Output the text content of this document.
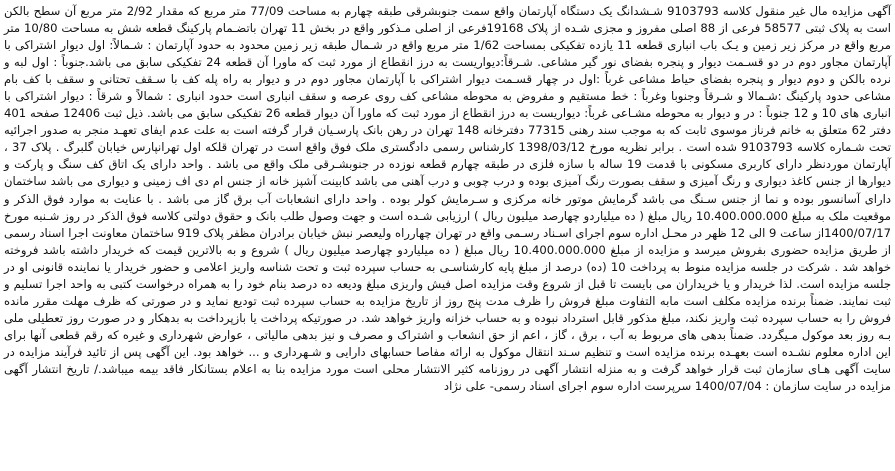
آگهی مزایده مال غیر منقول کلاسه 9103793 شـشدانگ یک دستگاه آپارتمان واقع سمت جنوبشرقی طبقه چهارم به مساحت 77/09 متر مربع که مقدار 2/92 متر مربع آن سطح بالکن است به پلاک ثبتی 58577 فرعی از 88 اصلی مفروز و مجزی شـده از پلاک 19168فرعی از اصلی مـذکور واقع در بخش 11 تهران باتضـمام پارکینگ قطعه شش به مساحت 10/80 متر مربع واقع در مرکز زیر زمین و یـک باب انباری قطعه 11 یازده تفکیکی بمساحت 1/62 متر مربع واقع در شـمال طبقه زیر زمین محدود به حدود آپارتمان : شـمالاً: اول دیوار اشتراکی با آپارتمان مجاور دوم در دو قسـمت دیوار و پنجره بفضای نور گیر مشاعی. شـرقاً:دیواریست به درز انقطاع از مورد ثبت که ماورا آن قطعه 24 تفکیکی سابق می باشد.جنوباً : اول لبه و نرده بالکن و دوم دیوار و پنجره بفضای حیاط مشاعی غرباً :اول در چهار قسـمت دیوار اشتراکی با آپارتمان مجاور دوم در و دیوار به راه پله کف با سـقف تحتانی و سقف با کف بام مشاعی حدود پارکینگ :شـمالا و شـرقاً وجنوبا وغرباً : خط مستقیم و مفروض به محوطه مشاعی کف روی عرصه و سقف انباری است حدود انباری : شمالاً و شرقاً : دیوار اشتراکی با انباری های 10 و 12 جنوباً : در و دیوار به محوطه مشـاعی غرباً: دیواریست به درز انقطاع از مورد ثبت که ماورا آن دیوار قطعه 26 تفکیکی سابق می باشد. ذیل ثبت 12406 صفحه 401 دفتر 62 متعلق به خانم فرناز موسوی ثابت که به موجب سند رهنی 77315 دفترخانه 148 تهران در رهن بانک پارسـیان قرار گرفته است به علت عدم ایفای تعهـد منجر به صدور اجرائیه تحت شـماره کلاسه 9103793 شده است . برابر نظریه مورخ 1398/03/12 کارشناس رسمی دادگستری ملک فوق واقع است در تهران قلکه اول تهرانپارس خیابان گلبرگ . پلاک 37 ، آپارتمان موردنظر دارای کاربری مسکونی با قدمت 19 ساله با سازه فلزی در طبقه چهارم قطعه نوزده در جنوبشـرقی ملک واقع می باشد . واحد دارای یک اتاق کف سنگ و پارکت و دیوارها از جنس کاغذ دیواری و رنگ آمیزی و سقف بصورت رنگ آمیزی بوده و درب چوبی و درب آهنی می باشد کابینت آشپز خانه از جنس ام دی اف زمینی و دیواری می باشد ساختمان دارای آسانسور بوده و نما از جنس سـنگ می باشد گرمایش موتور خانه مرکزی و سـرمایش کولر بوده . واحد دارای انشعابات آب برق گاز می باشد . با عنایت به موارد فوق الذکر و موقعیت ملک به مبلغ 10.400.000.000 ریال مبلغ ( ده میلیاردو چهارصد میلیون ریال ) ارزیابی شـده است و جهت وصول طلب بانک و حقوق دولتی کلاسه فوق الذکر در روز شـنبه مورخ 1400/07/17از ساعت 9 الی 12 ظهر در محـل اداره سوم اجرای اسـناد رسـمی واقع در تهران چهارراه ولیعصر نبش خیابان برادران مظفر پلاک 919 ساختمان معاونت اجرا اسناد رسمی از طریق مزایده حضوری بفروش میرسد و مزایده از مبلغ 10.400.000.000 ریال مبلغ ( ده میلیاردو چهارصد میلیون ریال ) شروع و به بالاترین قیمت که خریدار داشته باشد فروخته خواهد شد . شرکت در جلسه مزایده منوط به پرداخت 10 (ده) درصد از مبلغ پایه کارشناسـی به حساب سپرده ثبت و تحت شناسه واریز اعلامی و حضور خریدار یا نماینده قانونی او در جلسه مزایده است. لذا خریدار و یا خریداران می بایست تا قبل از شروع وقت مزایده اصل فیش واریزی مبلغ ودیعه ده درصد بنام خود را به همراه درخواست کتبی به واحد اجرا تسلیم و ثبت نمایند. ضمناً برنده مزایده مکلف است مابه التفاوت مبلغ فروش را ظرف مدت پنج روز از تاریخ مزایده به حساب سپرده ثبت تودیع نماید و در صورتی که ظرف مهلت مقرر مانده فروش را به حساب سپرده ثبت واریز نکند، مبلغ مذکور قابل استرداد نبوده و به حساب خزانه واریز خواهد شد. در صورتیکه پرداخت یا بازپرداخت به بدهکار و در صورت روز تعطیلی ملی بـه روز بعد موکول مـیگردد. ضمناً بدهی های مربوط به آب ، برق ، گاز ، اعم از حق انشعاب و اشتراک و مصرف و نیز بدهی مالیاتی ، عوارض شهرداری و غیره که رقم قطعی آنها برای این اداره معلوم نشـده است بعهـده برنده مزایده است و تنظیم سـند انتقال موکول به ارائه مفاصا حسابهای دارایی و شـهرداری و ... خواهد بود. این آگهی پس از تائید فرآیند مزایده در سایت آگهی هـای سازمان ثبت قرار خواهد گرفت و به منزله انتشار آگهی در روزنامه کثیر الانتشار محلی است مورد مزایده بنا به اعلام بستانکار فاقد بیمه میباشد./ تاریخ انتشار آگهی مزایده در سایت سازمان : 1400/07/04 سرپرست اداره سوم اجرای اسناد رسمی- علی نژاد
